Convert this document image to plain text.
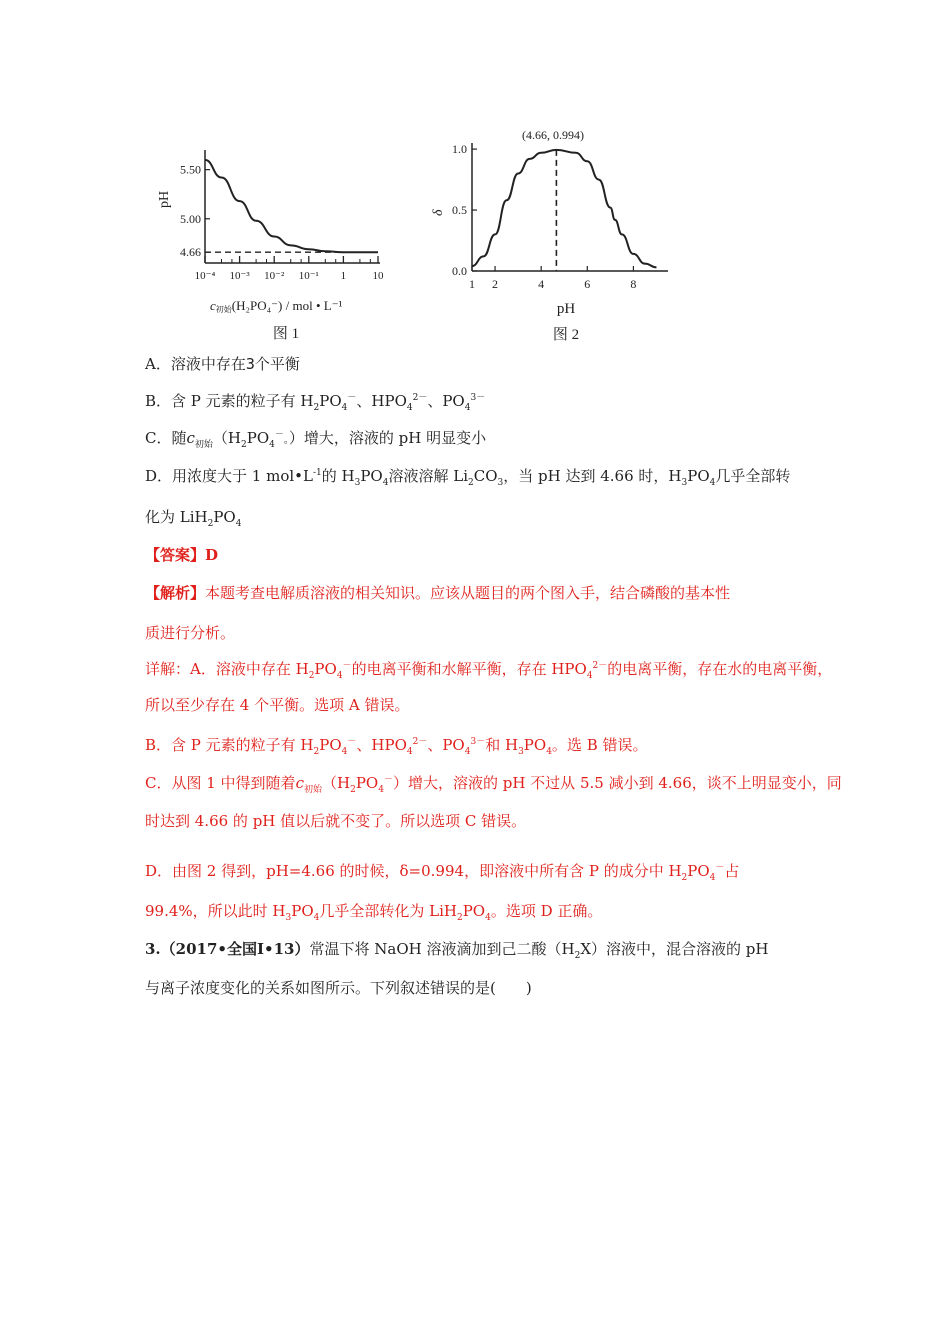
pH
5.50
5.00
4.66
10⁻⁴ 10⁻³ 10⁻² 10⁻¹ 1 10
c初始(H₂PO₄⁻) / mol • L⁻¹
图 1
(4.66, 0.994)
δ
1.0
0.5
0.0
1 2	4	6	8
pH
图 2
A．溶液中存在3个平衡
B．含 P 元素的粒子有 $H_2PO_4^-$、$HPO_4^{2-}$、$PO_4^{3-}$
C．随$c_{初始}(H_2PO_4^-$。）增大，溶液的 pH 明显变小
D．用浓度大于 1 $mol•L^{-1}$的 $H_3PO_4$溶液溶解 $Li_2CO_3$，当 pH 达到 4.66 时，$H_3PO_4$几乎全部转
化为 $LiH_2PO_4$
【答案】D
【解析】本题考查电解质溶液的相关知识。应该从题目的两个图入手，结合磷酸的基本性
质进行分析。
详解：A．溶液中存在 $H_2PO_4^-$的电离平衡和水解平衡，存在 $HPO_4^{2-}$的电离平衡，存在水的电离平衡，
所以至少存在 4 个平衡。选项 A 错误。
B．含 P 元素的粒子有 $H_2PO_4^-$、$HPO_4^{2-}$、$PO_4^{3-}$和 $H_3PO_4$。选 B 错误。
C．从图 1 中得到随着$c_{初始}(H_2PO_4^-)$增大，溶液的 pH 不过从 5.5 减小到 4.66，谈不上明显变小，同
时达到 4.66 的 pH 值以后就不变了。所以选项 C 错误。
D．由图 2 得到，pH=4.66 的时候，δ=0.994，即溶液中所有含 P 的成分中 $H_2PO_4^-$占
99.4%，所以此时 $H_3PO_4$几乎全部转化为 $LiH_2PO_4$。选项 D 正确。
3.（2017•全国Ⅰ•13）常温下将 NaOH 溶液滴加到己二酸$(H_2X)$溶液中，混合溶液的 pH
与离子浓度变化的关系如图所示。下列叙述错误的是(　　)
